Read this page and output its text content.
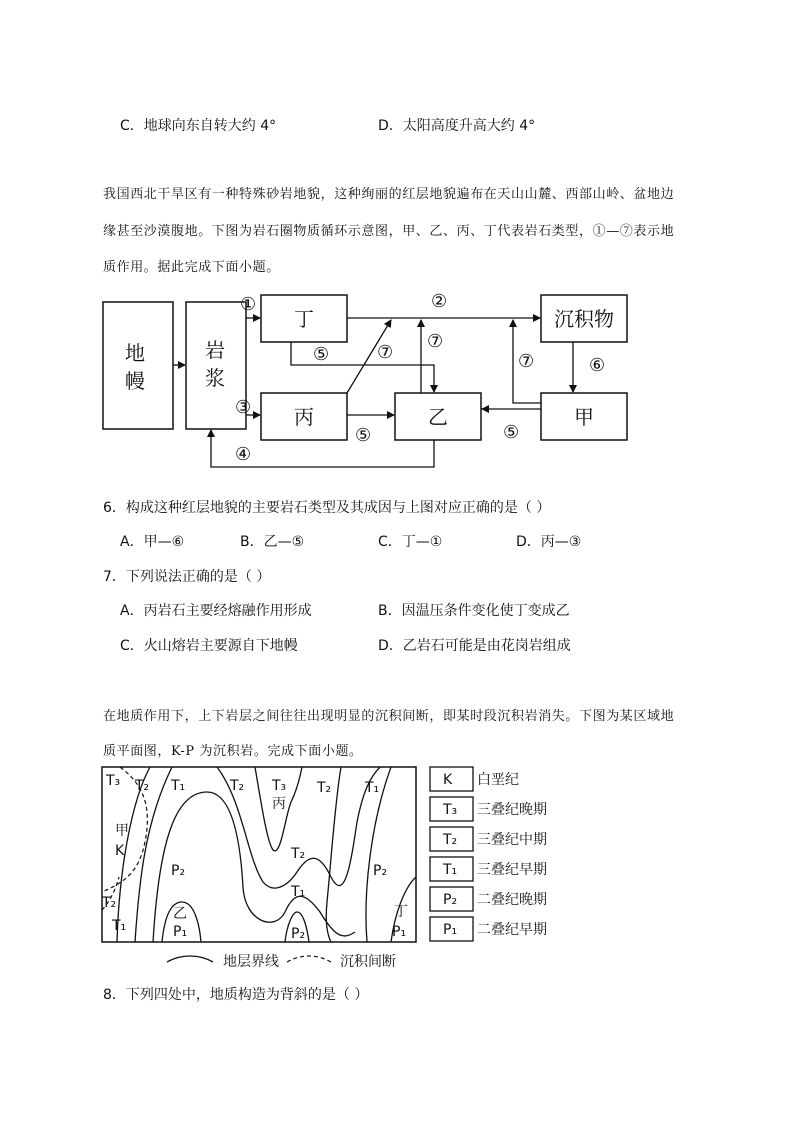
C．地球向东自转大约 4°	D．太阳高度升高大约 4°
我国西北干旱区有一种特殊砂岩地貌，这种绚丽的红层地貌遍布在天山山麓、西部山岭、盆地边
缘甚至沙漠腹地。下图为岩石圈物质循环示意图，甲、乙、丙、丁代表岩石类型，①—⑦表示地
质作用。据此完成下面小题。
地
幔
岩
浆
丁
丙	乙
沉积物
甲
①	②
③
④
⑤
⑤	⑤
⑥
⑦
⑦
⑦
6．构成这种红层地貌的主要岩石类型及其成因与上图对应正确的是（ ）
A．甲—⑥	B．乙—⑤	C．丁—①	D．丙—③
7．下列说法正确的是（ ）
A．丙岩石主要经熔融作用形成	B．因温压条件变化使丁变成乙
C．火山熔岩主要源自下地幔	D．乙岩石可能是由花岗岩组成
在地质作用下，上下岩层之间往往出现明显的沉积间断，即某时段沉积岩消失。下图为某区域地
质平面图，K-P 为沉积岩。完成下面小题。
T₃ T₂ T₁	T₂ T₃
丙
T₂ T₁
甲
K
P₂
T₂
T₁
P₂
T₂
T₁
乙
P₁	P₂
丁
P₁
地层界线	沉积间断
K 白垩纪
T₃ 三叠纪晚期
T₂ 三叠纪中期
T₁ 三叠纪早期
P₂ 二叠纪晚期
P₁ 二叠纪早期
8．下列四处中，地质构造为背斜的是（ ）
